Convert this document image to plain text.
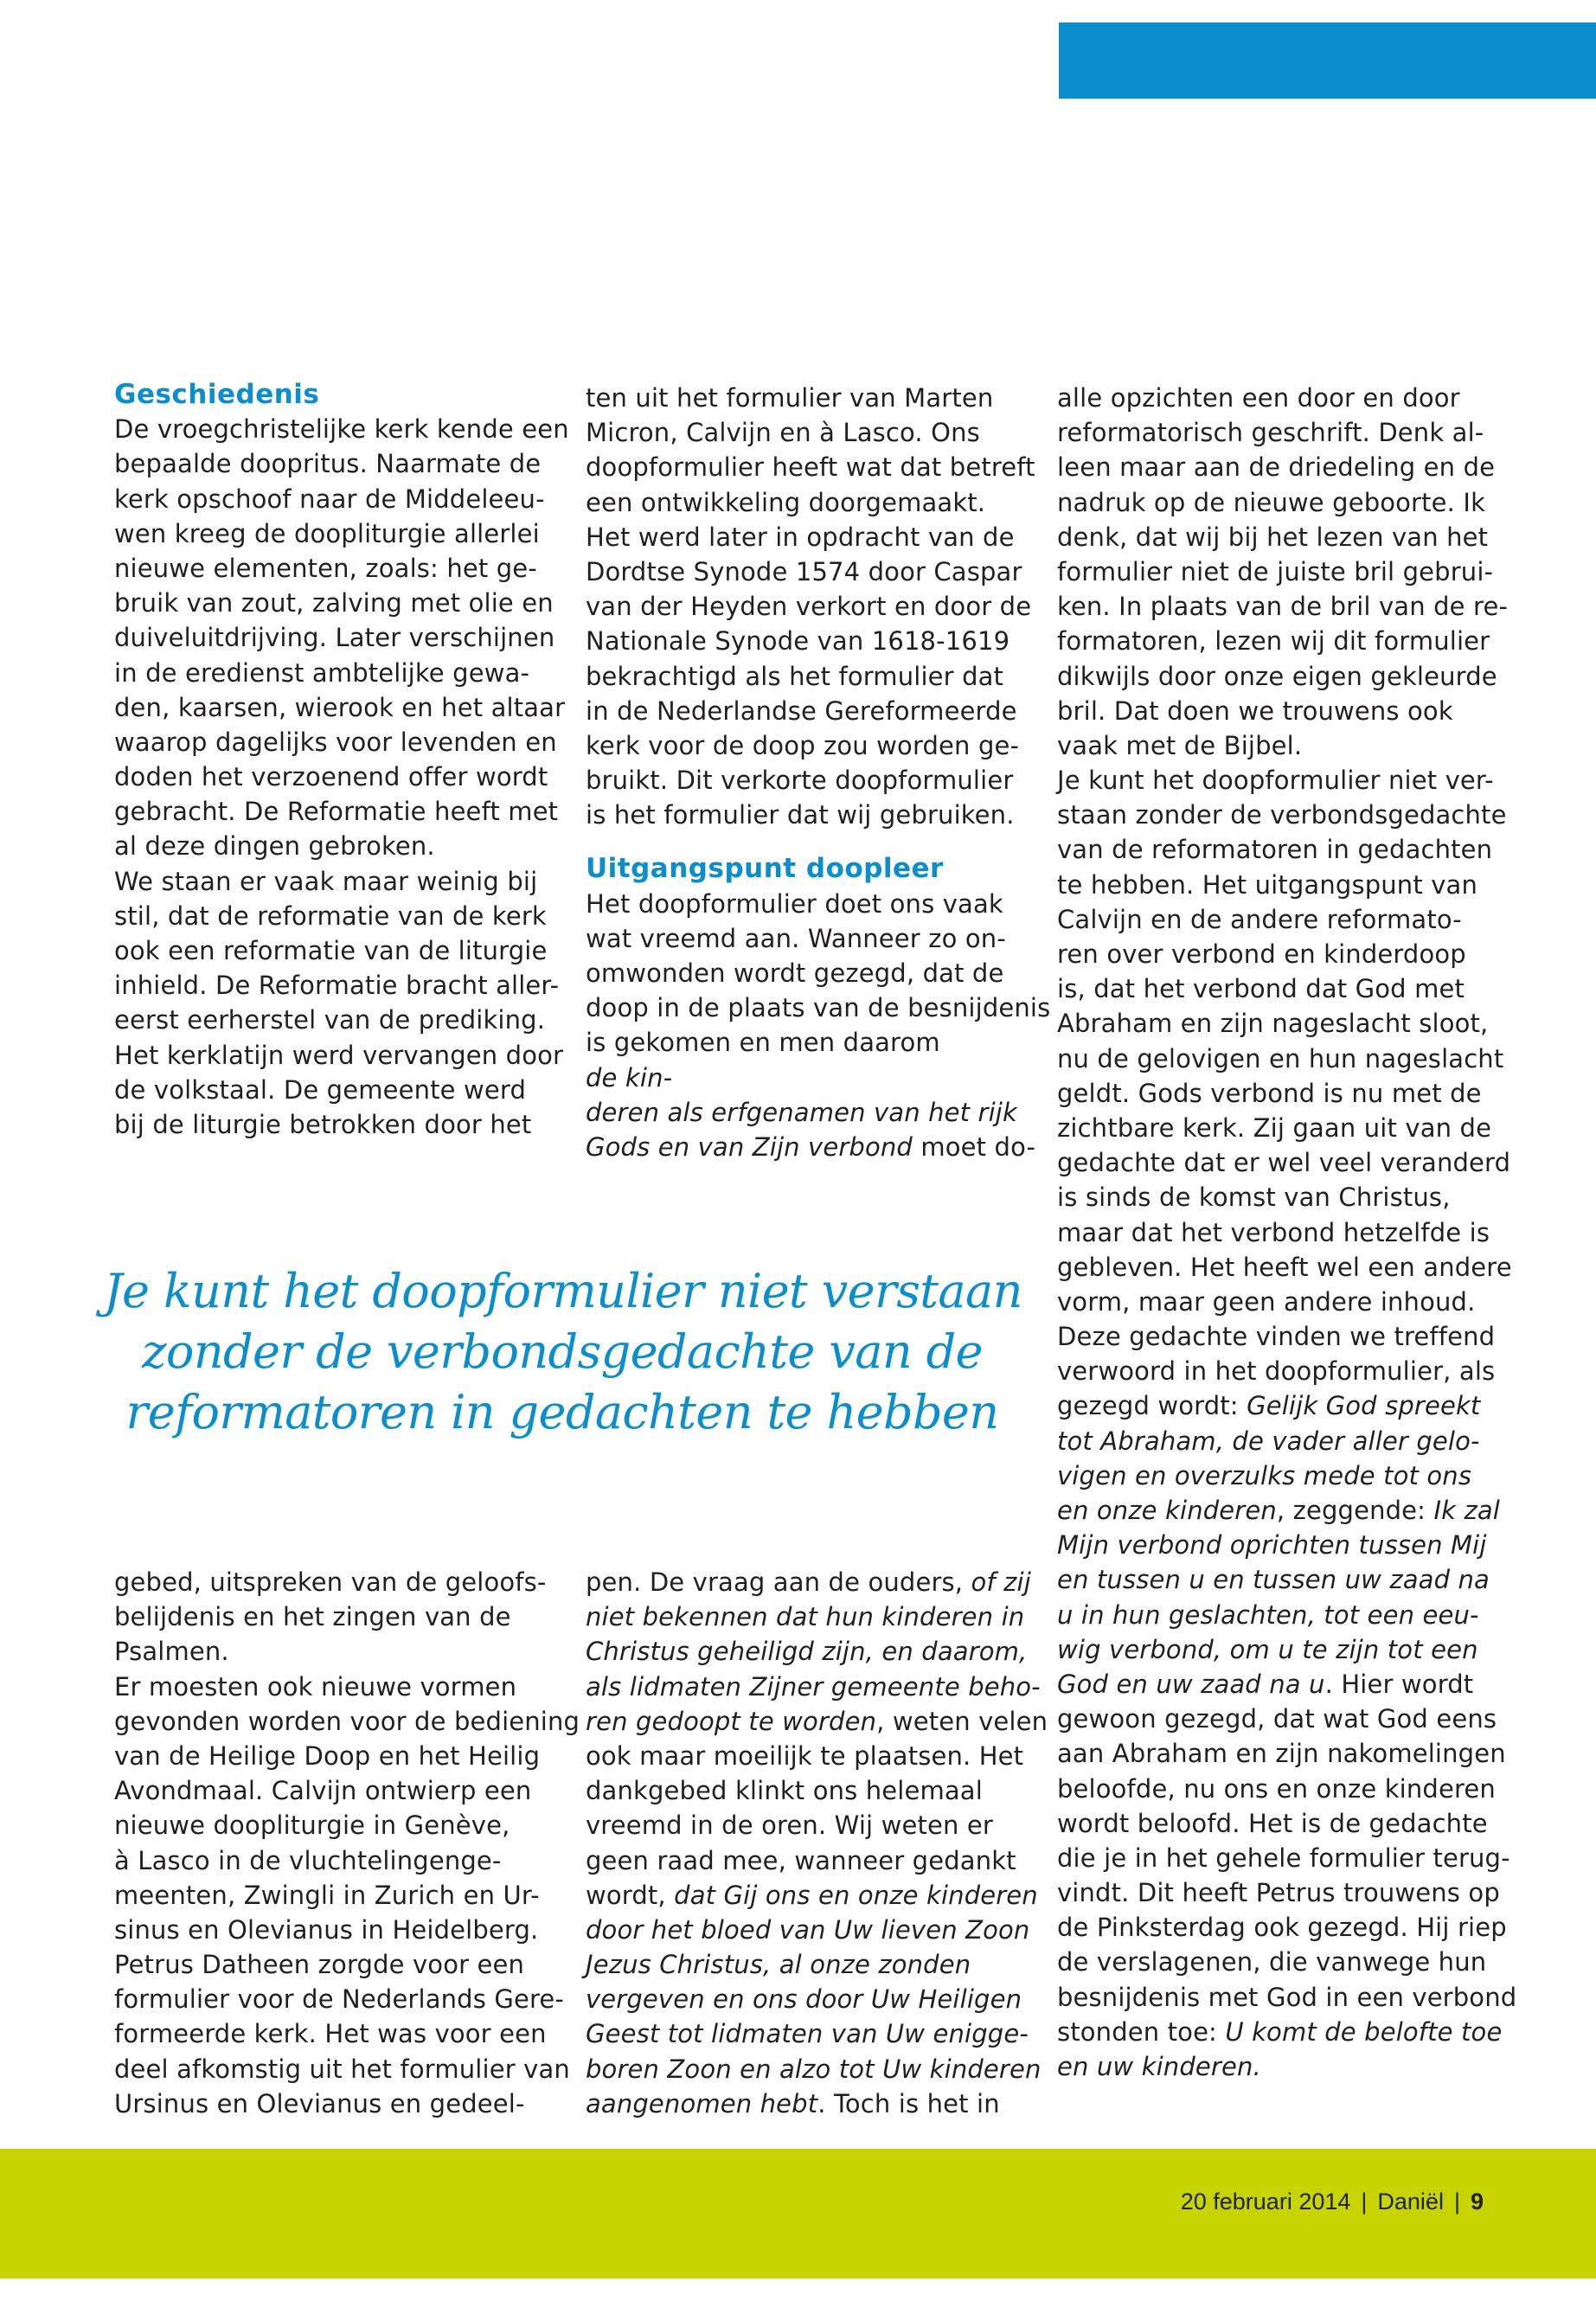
Geschiedenis
De vroegchristelijke kerk kende een
bepaalde doopritus. Naarmate de
kerk opschoof naar de Middeleeu-
wen kreeg de doopliturgie allerlei
nieuwe elementen, zoals: het ge-
bruik van zout, zalving met olie en
duiveluitdrijving. Later verschijnen
in de eredienst ambtelijke gewa-
den, kaarsen, wierook en het altaar
waarop dagelijks voor levenden en
doden het verzoenend offer wordt
gebracht. De Reformatie heeft met
al deze dingen gebroken.
We staan er vaak maar weinig bij
stil, dat de reformatie van de kerk
ook een reformatie van de liturgie
inhield. De Reformatie bracht aller-
eerst eerherstel van de prediking.
Het kerklatijn werd vervangen door
de volkstaal. De gemeente werd
bij de liturgie betrokken door het
ten uit het formulier van Marten
Micron, Calvijn en à Lasco. Ons
doopformulier heeft wat dat betreft
een ontwikkeling doorgemaakt.
Het werd later in opdracht van de
Dordtse Synode 1574 door Caspar
van der Heyden verkort en door de
Nationale Synode van 1618-1619
bekrachtigd als het formulier dat
in de Nederlandse Gereformeerde
kerk voor de doop zou worden ge-
bruikt. Dit verkorte doopformulier
is het formulier dat wij gebruiken.
Uitgangspunt doopleer
Het doopformulier doet ons vaak
wat vreemd aan. Wanneer zo on-
omwonden wordt gezegd, dat de
doop in de plaats van de besnijdenis
is gekomen en men daarom
de kin-
deren als erfgenamen van het rijk
Gods en van Zijn verbond moet do-
Je kunt het doopformulier niet verstaan
zonder de verbondsgedachte van de
reformatoren in gedachten te hebben
gebed, uitspreken van de geloofs-
belijdenis en het zingen van de
Psalmen.
Er moesten ook nieuwe vormen
gevonden worden voor de bediening
van de Heilige Doop en het Heilig
Avondmaal. Calvijn ontwierp een
nieuwe doopliturgie in Genève,
à Lasco in de vluchtelingenge-
meenten, Zwingli in Zurich en Ur-
sinus en Olevianus in Heidelberg.
Petrus Datheen zorgde voor een
formulier voor de Nederlands Gere-
formeerde kerk. Het was voor een
deel afkomstig uit het formulier van
Ursinus en Olevianus en gedeel-
pen. De vraag aan de ouders, of zij
niet bekennen dat hun kinderen in
Christus geheiligd zijn, en daarom,
als lidmaten Zijner gemeente beho-
ren gedoopt te worden, weten velen
ook maar moeilijk te plaatsen. Het
dankgebed klinkt ons helemaal
vreemd in de oren. Wij weten er
geen raad mee, wanneer gedankt
wordt, dat Gij ons en onze kinderen
door het bloed van Uw lieven Zoon
Jezus Christus, al onze zonden
vergeven en ons door Uw Heiligen
Geest tot lidmaten van Uw enigge-
boren Zoon en alzo tot Uw kinderen
aangenomen hebt. Toch is het in
alle opzichten een door en door
reformatorisch geschrift. Denk al-
leen maar aan de driedeling en de
nadruk op de nieuwe geboorte. Ik
denk, dat wij bij het lezen van het
formulier niet de juiste bril gebrui-
ken. In plaats van de bril van de re-
formatoren, lezen wij dit formulier
dikwijls door onze eigen gekleurde
bril. Dat doen we trouwens ook
vaak met de Bijbel.
Je kunt het doopformulier niet ver-
staan zonder de verbondsgedachte
van de reformatoren in gedachten
te hebben. Het uitgangspunt van
Calvijn en de andere reformato-
ren over verbond en kinderdoop
is, dat het verbond dat God met
Abraham en zijn nageslacht sloot,
nu de gelovigen en hun nageslacht
geldt. Gods verbond is nu met de
zichtbare kerk. Zij gaan uit van de
gedachte dat er wel veel veranderd
is sinds de komst van Christus,
maar dat het verbond hetzelfde is
gebleven. Het heeft wel een andere
vorm, maar geen andere inhoud.
Deze gedachte vinden we treffend
verwoord in het doopformulier, als
gezegd wordt: Gelijk God spreekt
tot Abraham, de vader aller gelo-
vigen en overzulks mede tot ons
en onze kinderen, zeggende: Ik zal
Mijn verbond oprichten tussen Mij
en tussen u en tussen uw zaad na
u in hun geslachten, tot een eeu-
wig verbond, om u te zijn tot een
God en uw zaad na u. Hier wordt
gewoon gezegd, dat wat God eens
aan Abraham en zijn nakomelingen
beloofde, nu ons en onze kinderen
wordt beloofd. Het is de gedachte
die je in het gehele formulier terug-
vindt. Dit heeft Petrus trouwens op
de Pinksterdag ook gezegd. Hij riep
de verslagenen, die vanwege hun
besnijdenis met God in een verbond
stonden toe: U komt de belofte toe
en uw kinderen.
20 februari 2014 | Daniël | 9
